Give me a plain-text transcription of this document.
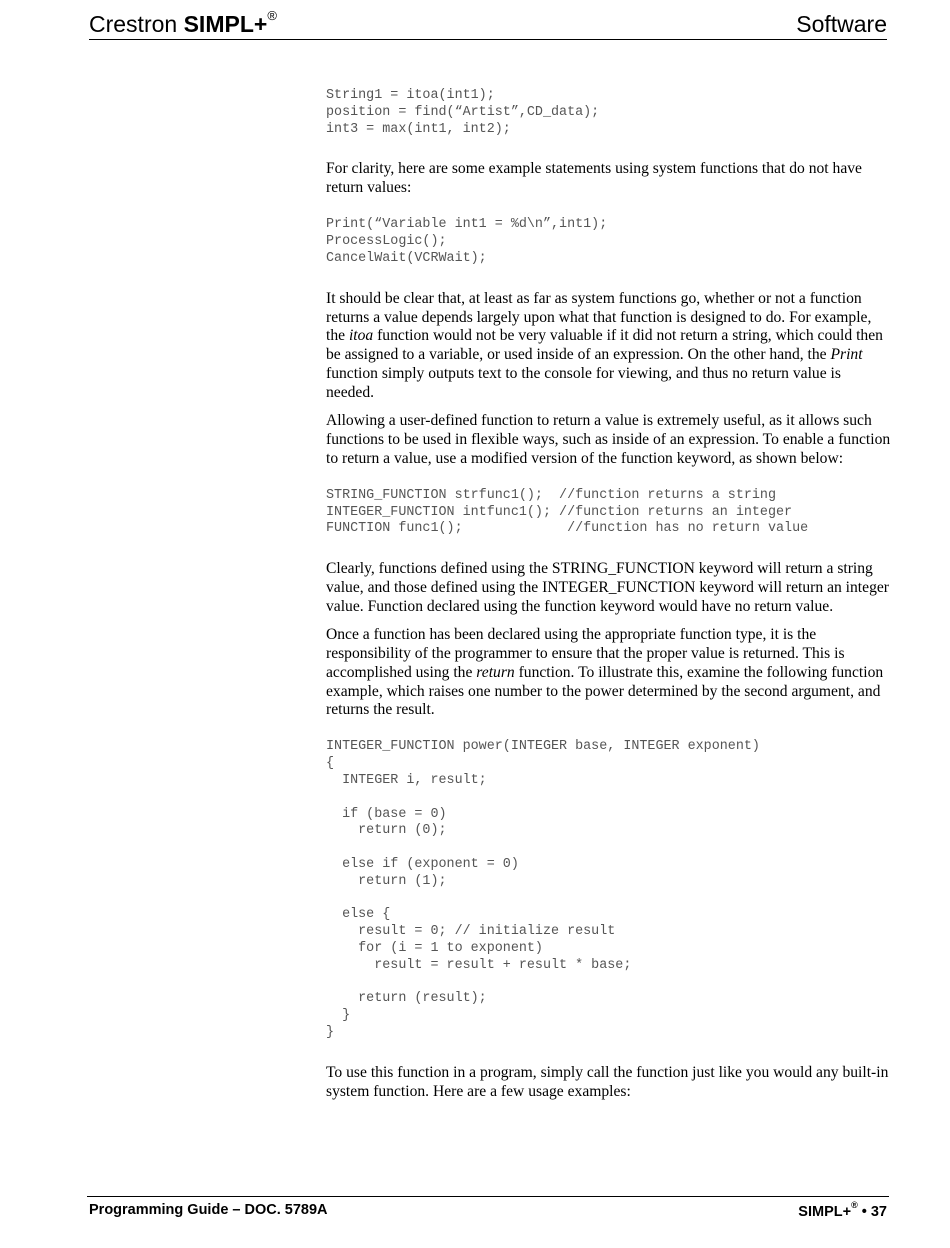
Crestron SIMPL+®	Software
String1 = itoa(int1);
position = find(“Artist”,CD_data);
int3 = max(int1, int2);

For clarity, here are some example statements using system functions that do not have return values:

Print(“Variable int1 = %d\n”,int1);
ProcessLogic();
CancelWait(VCRWait);

It should be clear that, at least as far as system functions go, whether or not a function returns a value depends largely upon what that function is designed to do. For example, the itoa function would not be very valuable if it did not return a string, which could then be assigned to a variable, or used inside of an expression. On the other hand, the Print function simply outputs text to the console for viewing, and thus no return value is needed.

Allowing a user-defined function to return a value is extremely useful, as it allows such functions to be used in flexible ways, such as inside of an expression. To enable a function to return a value, use a modified version of the function keyword, as shown below:

STRING_FUNCTION strfunc1();  //function returns a string
INTEGER_FUNCTION intfunc1(); //function returns an integer
FUNCTION func1();             //function has no return value

Clearly, functions defined using the STRING_FUNCTION keyword will return a string value, and those defined using the INTEGER_FUNCTION keyword will return an integer value. Function declared using the function keyword would have no return value.

Once a function has been declared using the appropriate function type, it is the responsibility of the programmer to ensure that the proper value is returned. This is accomplished using the return function. To illustrate this, examine the following function example, which raises one number to the power determined by the second argument, and returns the result.

INTEGER_FUNCTION power(INTEGER base, INTEGER exponent)
{
INTEGER i, result;

if (base = 0)
return (0);

else if (exponent = 0)
return (1);

else {
result = 0; // initialize result
for (i = 1 to exponent)
result = result + result * base;

return (result);
}
}

To use this function in a program, simply call the function just like you would any built-in system function. Here are a few usage examples:

Programming Guide – DOC. 5789A	SIMPL+® • 37
